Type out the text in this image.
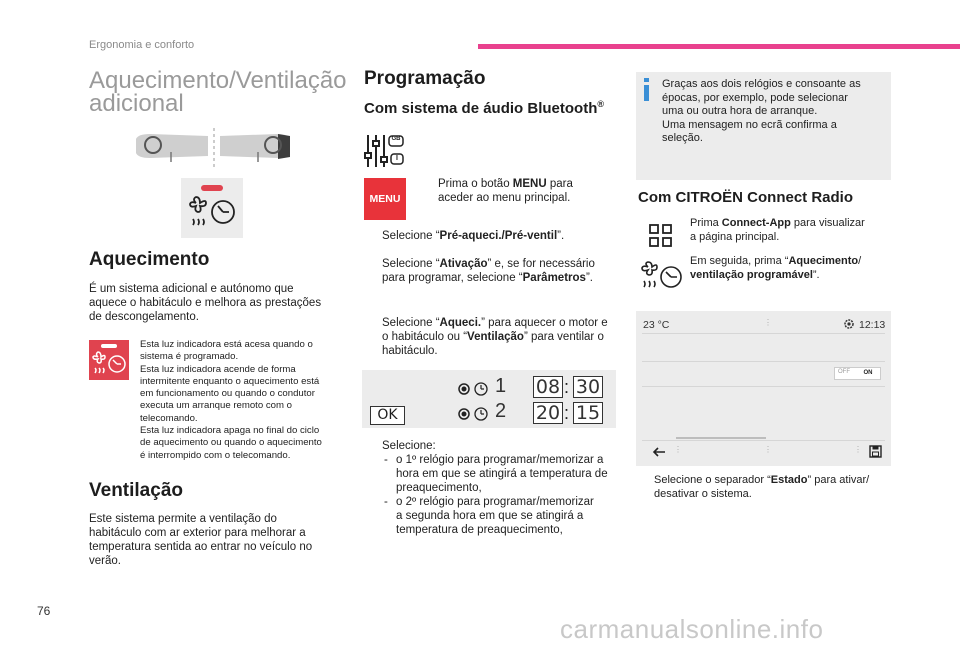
Ergonomia e conforto
Aquecimento/Ventilação
adicional
Aquecimento
É um sistema adicional e autónomo que
aquece o habitáculo e melhora as prestações
de descongelamento.
Esta luz indicadora está acesa quando o
sistema é programado.
Esta luz indicadora acende de forma
intermitente enquanto o aquecimento está
em funcionamento ou quando o condutor
executa um arranque remoto com o
telecomando.
Esta luz indicadora apaga no final do ciclo
de aquecimento ou quando o aquecimento
é interrompido com o telecomando.
Ventilação
Este sistema permite a ventilação do
habitáculo com ar exterior para melhorar a
temperatura sentida ao entrar no veículo no
verão.
Programação
Com sistema de áudio Bluetooth®
GB
I
MENU
Prima o botão MENU para
aceder ao menu principal.
Selecione “Pré-aqueci./Pré-ventil”.
Selecione “Ativação” e, se for necessário
para programar, selecione “Parâmetros”.
Selecione “Aqueci.” para aquecer o motor e
o habitáculo ou “Ventilação” para ventilar o
habitáculo.
OK
1 08 : 30
2 20 : 15
Selecione:
- o 1º relógio para programar/memorizar a
hora em que se atingirá a temperatura de
preaquecimento,
- o 2º relógio para programar/memorizar
a segunda hora em que se atingirá a
temperatura de preaquecimento,
Graças aos dois relógios e consoante as
épocas, por exemplo, pode selecionar
uma ou outra hora de arranque.
Uma mensagem no ecrã confirma a
seleção.
Com CITROËN Connect Radio
Prima Connect-App para visualizar
a página principal.
Em seguida, prima “Aquecimento/
ventilação programável”.
23 °C	⋮	12:13
OFF	ON
⋮	⋮	⋮
Selecione o separador “Estado” para ativar/
desativar o sistema.
76
carmanualsonline.info
